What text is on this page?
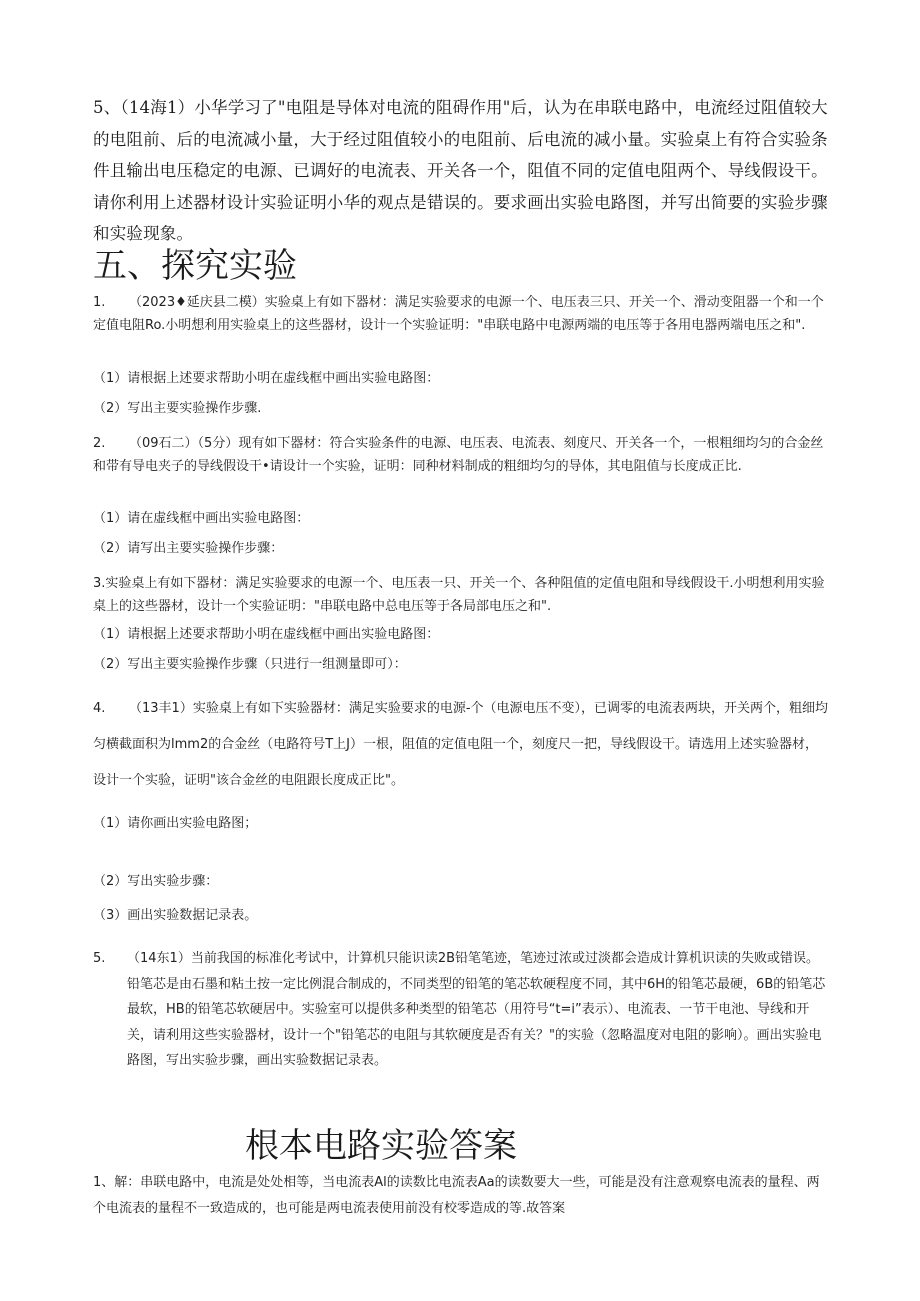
5、（14海1）小华学习了"电阻是导体对电流的阻碍作用"后，认为在串联电路中，电流经过阻值较大的电阻前、后的电流减小量，大于经过阻值较小的电阻前、后电流的减小量。实验桌上有符合实验条件且输出电压稳定的电源、已调好的电流表、开关各一个，阻值不同的定值电阻两个、导线假设干。请你利用上述器材设计实验证明小华的观点是错误的。要求画出实验电路图，并写出简要的实验步骤和实验现象。

五、探究实验

1. （2023♦延庆县二模）实验桌上有如下器材：满足实验要求的电源一个、电压表三只、开关一个、滑动变阻器一个和一个定值电阻Ro.小明想利用实验桌上的这些器材，设计一个实验证明："串联电路中电源两端的电压等于各用电器两端电压之和".

（1）请根据上述要求帮助小明在虚线框中画出实验电路图：

（2）写出主要实验操作步骤.

2. （09石二）（5分）现有如下器材：符合实验条件的电源、电压表、电流表、刻度尺、开关各一个，一根粗细均匀的合金丝和带有导电夹子的导线假设干•请设计一个实验，证明：同种材料制成的粗细均匀的导体，其电阻值与长度成正比.

（1）请在虚线框中画出实验电路图：

（2）请写出主要实验操作步骤：

3.实验桌上有如下器材：满足实验要求的电源一个、电压表一只、开关一个、各种阻值的定值电阻和导线假设干.小明想利用实验桌上的这些器材，设计一个实验证明："串联电路中总电压等于各局部电压之和".

（1）请根据上述要求帮助小明在虚线框中画出实验电路图：

（2）写出主要实验操作步骤（只进行一组测量即可）：

4. （13丰1）实验桌上有如下实验器材：满足实验要求的电源-个（电源电压不变），已调零的电流表两块，开关两个，粗细均匀横截面积为lmm2的合金丝（电路符号T上J）一根，阻值的定值电阻一个，刻度尺一把，导线假设干。请选用上述实验器材，设计一个实验，证明"该合金丝的电阻跟长度成正比"。

（1）请你画出实验电路图；

（2）写出实验步骤：

（3）画出实验数据记录表。

5. （14东1）当前我国的标准化考试中，计算机只能识读2B铅笔笔迹，笔迹过浓或过淡都会造成计算机识读的失败或错误。铅笔芯是由石墨和粘土按一定比例混合制成的，不同类型的铅笔的笔芯软硬程度不同，其中6H的铅笔芯最硬，6B的铅笔芯最软，HB的铅笔芯软硬居中。实验室可以提供多种类型的铅笔芯（用符号“t=i”表示）、电流表、一节干电池、导线和开关，请利用这些实验器材，设计一个"铅笔芯的电阻与其软硬度是否有关？"的实验（忽略温度对电阻的影响）。画出实验电路图，写出实验步骤，画出实验数据记录表。

根本电路实验答案

1、解：串联电路中，电流是处处相等，当电流表Al的读数比电流表Aa的读数要大一些，可能是没有注意观察电流表的量程、两个电流表的量程不一致造成的，也可能是两电流表使用前没有校零造成的等.故答案
